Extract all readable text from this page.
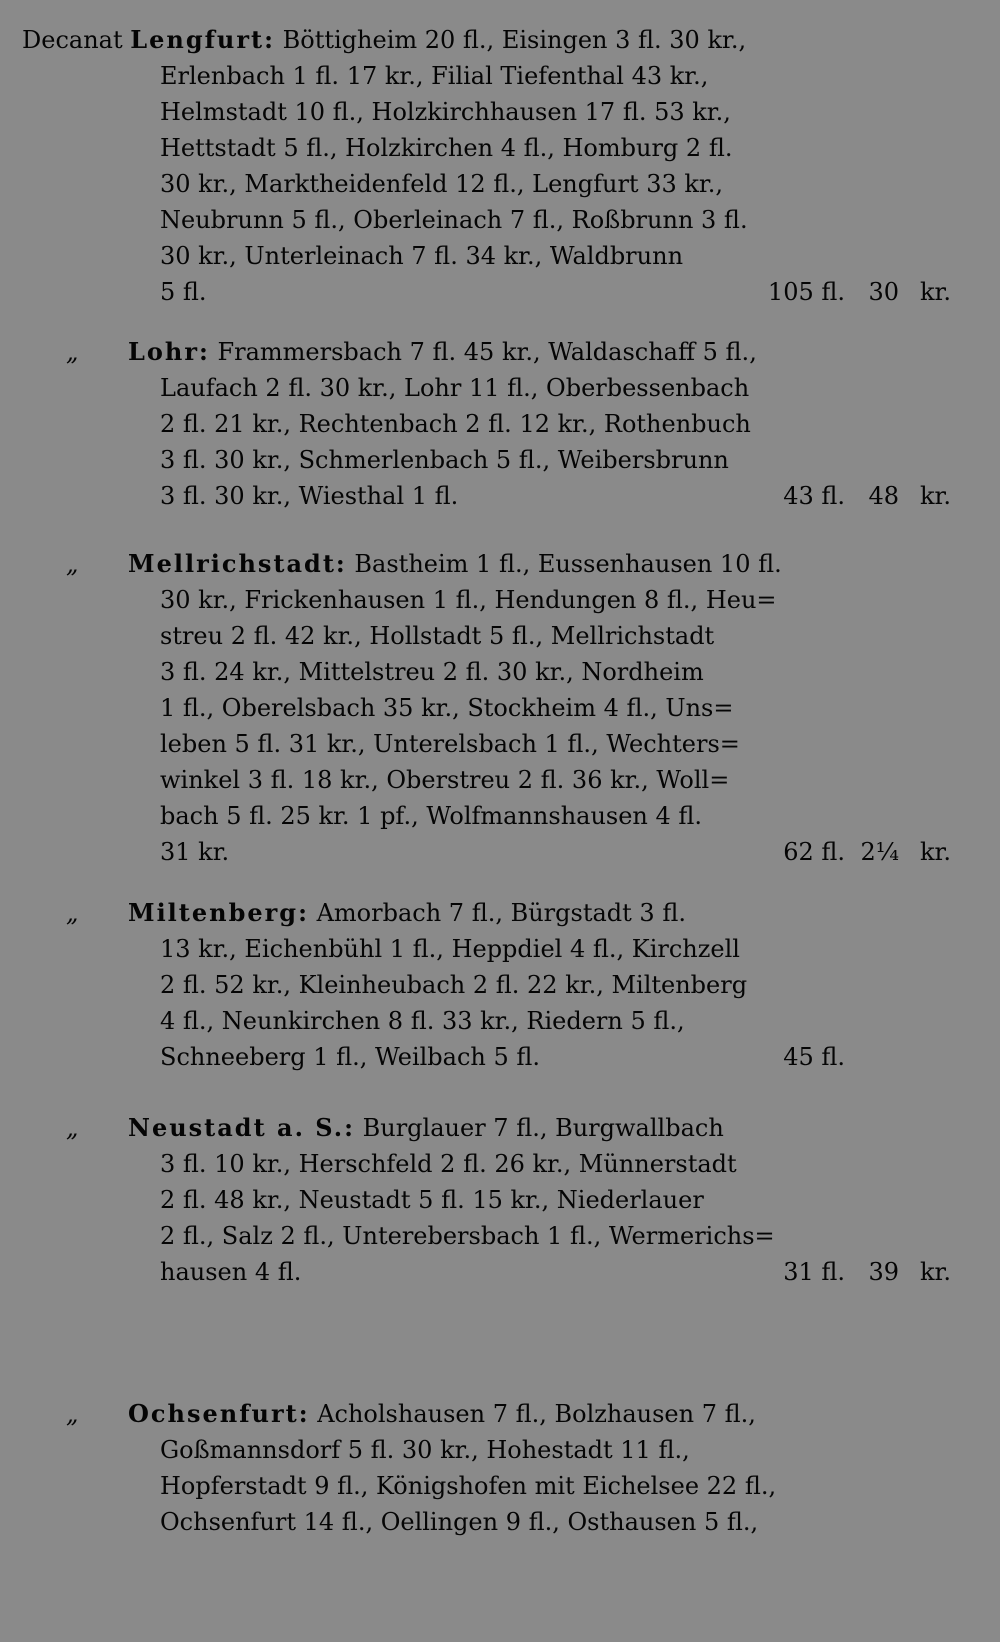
Decanat Lengfurt: Böttigheim 20 fl., Eisingen 3 fl. 30 kr.,
Erlenbach 1 fl. 17 kr., Filial Tiefenthal 43 kr.,
Helmstadt 10 fl., Holzkirchhausen 17 fl. 53 kr.,
Hettstadt 5 fl., Holzkirchen 4 fl., Homburg 2 fl.
30 kr., Marktheidenfeld 12 fl., Lengfurt 33 kr.,
Neubrunn 5 fl., Oberleinach 7 fl., Roßbrunn 3 fl.
30 kr., Unterleinach 7 fl. 34 kr., Waldbrunn
5 fl.	105 fl. 30 kr.
„ Lohr: Frammersbach 7 fl. 45 kr., Waldaschaff 5 fl.,
Laufach 2 fl. 30 kr., Lohr 11 fl., Oberbessenbach
2 fl. 21 kr., Rechtenbach 2 fl. 12 kr., Rothenbuch
3 fl. 30 kr., Schmerlenbach 5 fl., Weibersbrunn
3 fl. 30 kr., Wiesthal 1 fl.	43 fl. 48 kr.
„ Mellrichstadt: Bastheim 1 fl., Eussenhausen 10 fl.
30 kr., Frickenhausen 1 fl., Hendungen 8 fl., Heu=
streu 2 fl. 42 kr., Hollstadt 5 fl., Mellrichstadt
3 fl. 24 kr., Mittelstreu 2 fl. 30 kr., Nordheim
1 fl., Oberelsbach 35 kr., Stockheim 4 fl., Uns=
leben 5 fl. 31 kr., Unterelsbach 1 fl., Wechters=
winkel 3 fl. 18 kr., Oberstreu 2 fl. 36 kr., Woll=
bach 5 fl. 25 kr. 1 pf., Wolfmannshausen 4 fl.
31 kr.	62 fl. 2¼ kr.
„ Miltenberg: Amorbach 7 fl., Bürgstadt 3 fl.
13 kr., Eichenbühl 1 fl., Heppdiel 4 fl., Kirchzell
2 fl. 52 kr., Kleinheubach 2 fl. 22 kr., Miltenberg
4 fl., Neunkirchen 8 fl. 33 kr., Riedern 5 fl.,
Schneeberg 1 fl., Weilbach 5 fl.	45 fl.
„ Neustadt a. S.: Burglauer 7 fl., Burgwallbach
3 fl. 10 kr., Herschfeld 2 fl. 26 kr., Münnerstadt
2 fl. 48 kr., Neustadt 5 fl. 15 kr., Niederlauer
2 fl., Salz 2 fl., Unterebersbach 1 fl., Wermerichs=
hausen 4 fl.	31 fl. 39 kr.
„ Ochsenfurt: Acholshausen 7 fl., Bolzhausen 7 fl.,
Goßmannsdorf 5 fl. 30 kr., Hohestadt 11 fl.,
Hopferstadt 9 fl., Königshofen mit Eichelsee 22 fl.,
Ochsenfurt 14 fl., Oellingen 9 fl., Osthausen 5 fl.,
